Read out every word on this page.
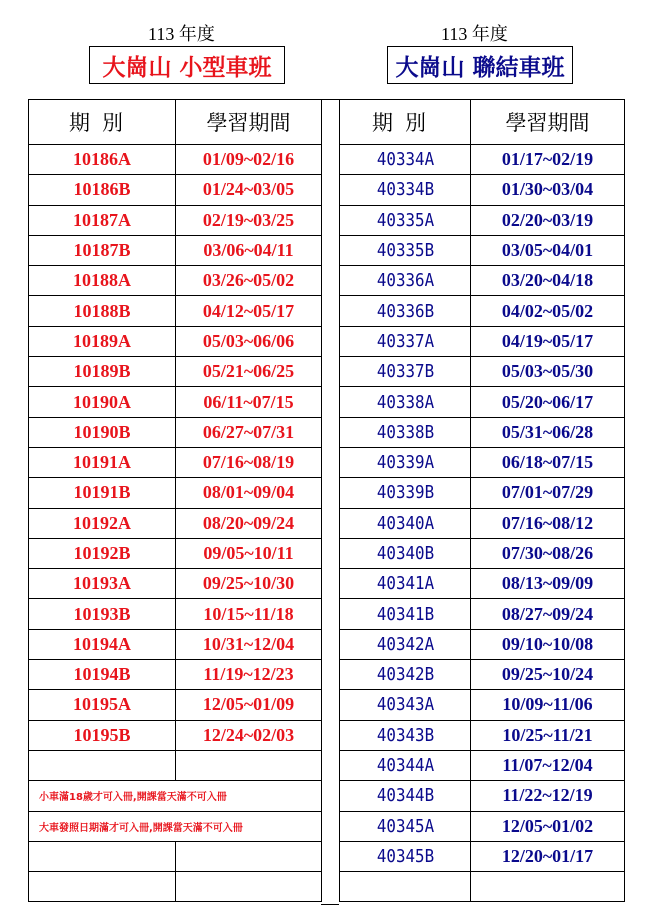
113 年度	113 年度
大崗山 小型車班	大崗山 聯結車班
期別	學習期間
10186A	01/09~02/16
10186B	01/24~03/05
10187A	02/19~03/25
10187B	03/06~04/11
10188A	03/26~05/02
10188B	04/12~05/17
10189A	05/03~06/06
10189B	05/21~06/25
10190A	06/11~07/15
10190B	06/27~07/31
10191A	07/16~08/19
10191B	08/01~09/04
10192A	08/20~09/24
10192B	09/05~10/11
10193A	09/25~10/30
10193B	10/15~11/18
10194A	10/31~12/04
10194B	11/19~12/23
10195A	12/05~01/09
10195B	12/24~02/03

小車滿18歲才可入冊,開課當天滿不可入冊	
大車發照日期滿才可入冊,開課當天滿不可入冊	

期別	學習期間
40334A	01/17~02/19
40334B	01/30~03/04
40335A	02/20~03/19
40335B	03/05~04/01
40336A	03/20~04/18
40336B	04/02~05/02
40337A	04/19~05/17
40337B	05/03~05/30
40338A	05/20~06/17
40338B	05/31~06/28
40339A	06/18~07/15
40339B	07/01~07/29
40340A	07/16~08/12
40340B	07/30~08/26
40341A	08/13~09/09
40341B	08/27~09/24
40342A	09/10~10/08
40342B	09/25~10/24
40343A	10/09~11/06
40343B	10/25~11/21
40344A	11/07~12/04
40344B	11/22~12/19
40345A	12/05~01/02
40345B	12/20~01/17
